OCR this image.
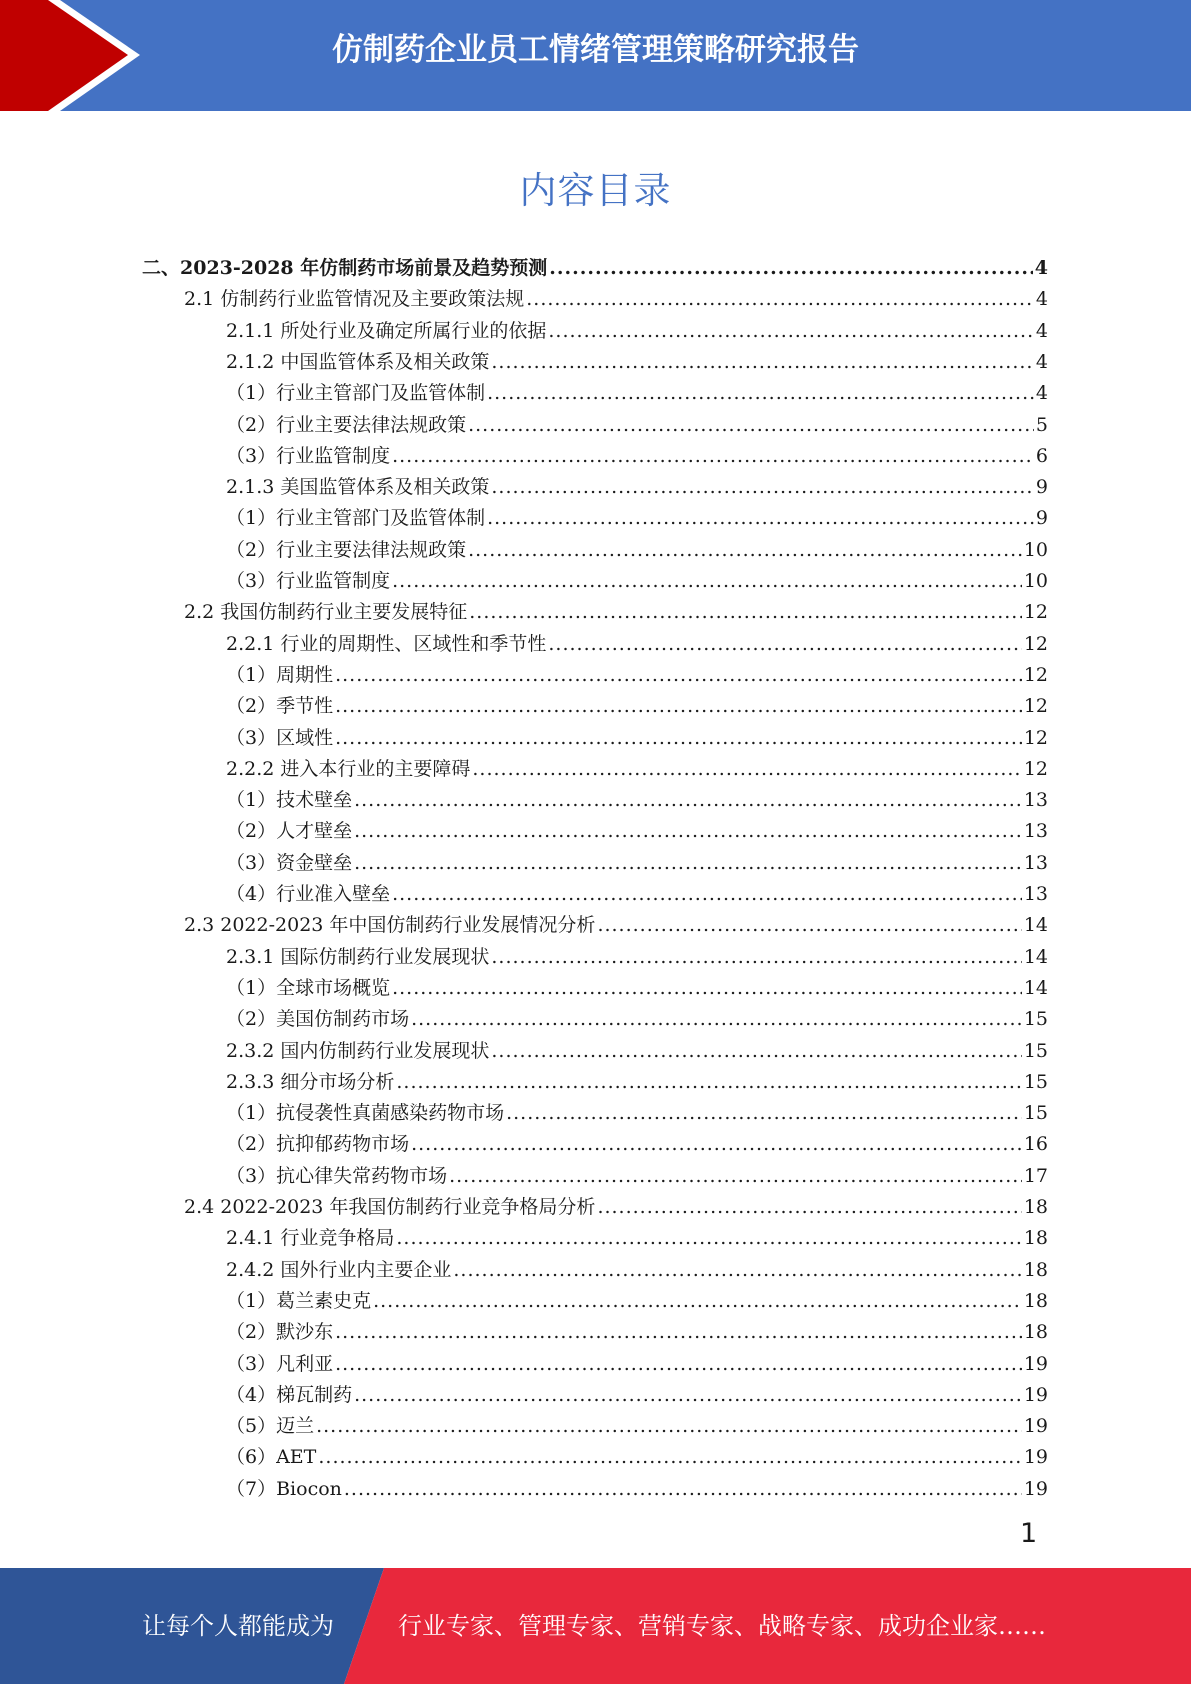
仿制药企业员工情绪管理策略研究报告
内容目录
二、2023-2028 年仿制药市场前景及趋势预测 .....	4
2.1 仿制药行业监管情况及主要政策法规 .....	4
2.1.1 所处行业及确定所属行业的依据 .....	4
2.1.2 中国监管体系及相关政策 .....	4
（1）行业主管部门及监管体制 .....	4
（2）行业主要法律法规政策 .....	5
（3）行业监管制度 .....	6
2.1.3 美国监管体系及相关政策 .....	9
（1）行业主管部门及监管体制 .....	9
（2）行业主要法律法规政策 .....	10
（3）行业监管制度 .....	10
2.2 我国仿制药行业主要发展特征 .....	12
2.2.1 行业的周期性、区域性和季节性 .....	12
（1）周期性 .....	12
（2）季节性 .....	12
（3）区域性 .....	12
2.2.2 进入本行业的主要障碍 .....	12
（1）技术壁垒 .....	13
（2）人才壁垒 .....	13
（3）资金壁垒 .....	13
（4）行业准入壁垒 .....	13
2.3 2022-2023 年中国仿制药行业发展情况分析 .....	14
2.3.1 国际仿制药行业发展现状 .....	14
（1）全球市场概览 .....	14
（2）美国仿制药市场 .....	15
2.3.2 国内仿制药行业发展现状 .....	15
2.3.3 细分市场分析 .....	15
（1）抗侵袭性真菌感染药物市场 .....	15
（2）抗抑郁药物市场 .....	16
（3）抗心律失常药物市场 .....	17
2.4 2022-2023 年我国仿制药行业竞争格局分析 .....	18
2.4.1 行业竞争格局 .....	18
2.4.2 国外行业内主要企业 .....	18
（1）葛兰素史克 .....	18
（2）默沙东 .....	18
（3）凡利亚 .....	19
（4）梯瓦制药 .....	19
（5）迈兰 .....	19
（6）AET .....	19
（7）Biocon .....	19
1
让每个人都能成为	行业专家、管理专家、营销专家、战略专家、成功企业家……
